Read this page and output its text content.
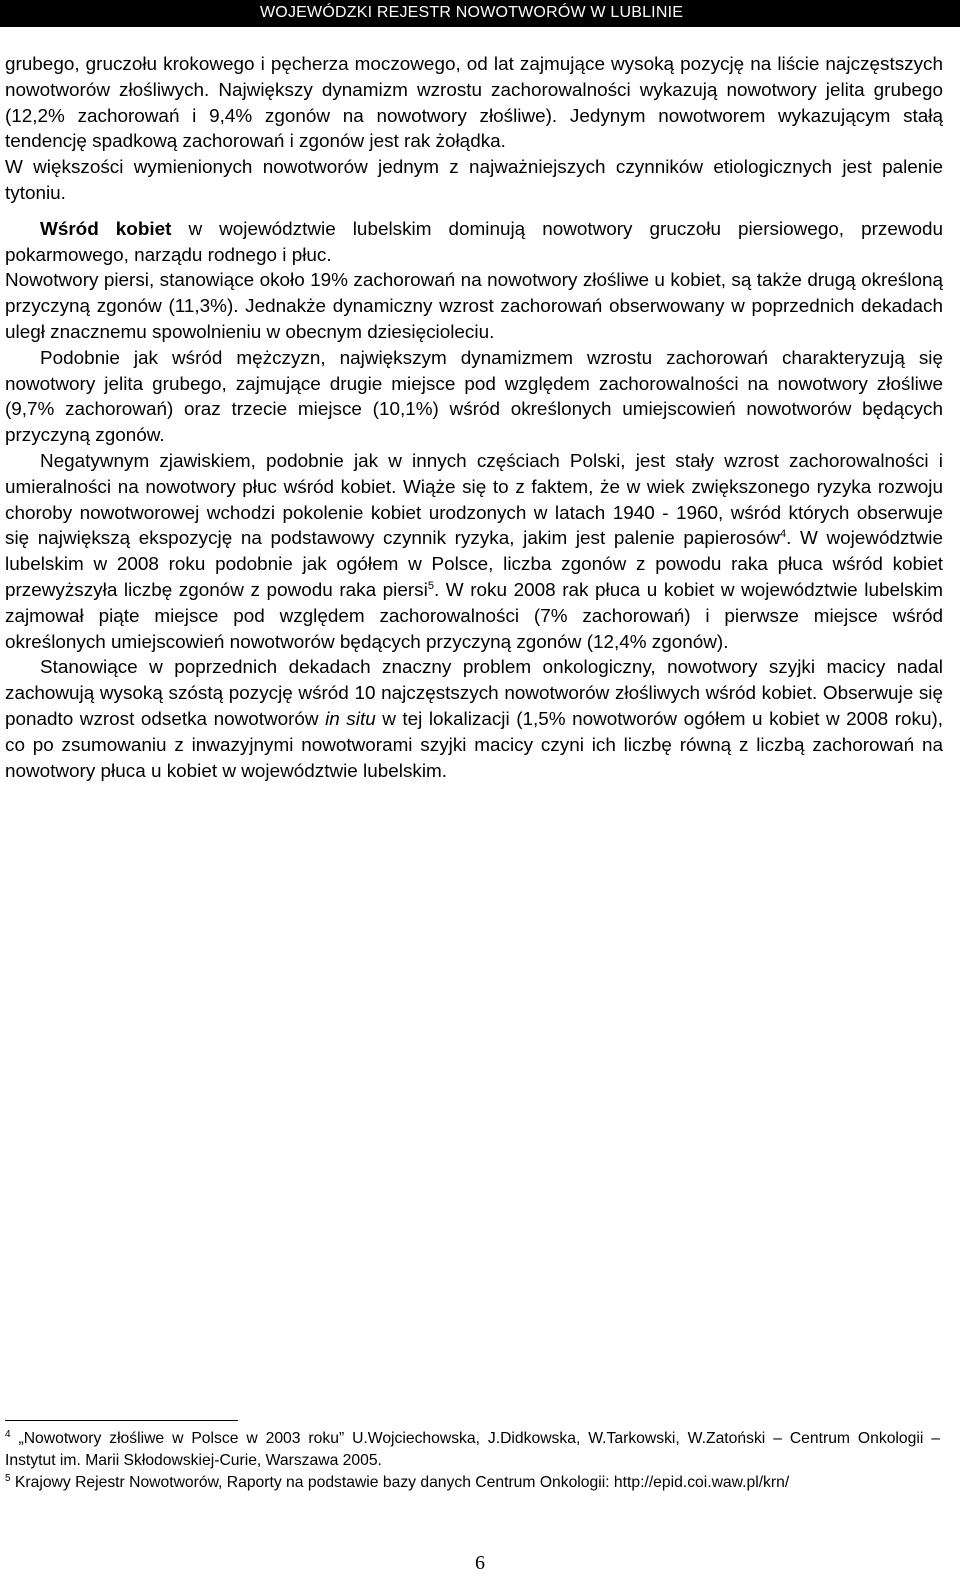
WOJEWÓDZKI REJESTR NOWOTWORÓW W LUBLINIE

grubego, gruczołu krokowego i pęcherza moczowego, od lat zajmujące wysoką pozycję na liście najczęstszych nowotworów złośliwych. Największy dynamizm wzrostu zachorowalności wykazują nowotwory jelita grubego (12,2% zachorowań i 9,4% zgonów na nowotwory złośliwe). Jedynym nowotworem wykazującym stałą tendencję spadkową zachorowań i zgonów jest rak żołądka.

W większości wymienionych nowotworów jednym z najważniejszych czynników etiologicznych jest palenie tytoniu.

Wśród kobiet w województwie lubelskim dominują nowotwory gruczołu piersiowego, przewodu pokarmowego, narządu rodnego i płuc.

Nowotwory piersi, stanowiące około 19% zachorowań na nowotwory złośliwe u kobiet, są także drugą określoną przyczyną zgonów (11,3%). Jednakże dynamiczny wzrost zachorowań obserwowany w poprzednich dekadach uległ znacznemu spowolnieniu w obecnym dziesięcioleciu.

Podobnie jak wśród mężczyzn, największym dynamizmem wzrostu zachorowań charakteryzują się nowotwory jelita grubego, zajmujące drugie miejsce pod względem zachorowalności na nowotwory złośliwe (9,7% zachorowań) oraz trzecie miejsce (10,1%) wśród określonych umiejscowień nowotworów będących przyczyną zgonów.

Negatywnym zjawiskiem, podobnie jak w innych częściach Polski, jest stały wzrost zachorowalności i umieralności na nowotwory płuc wśród kobiet. Wiąże się to z faktem, że w wiek zwiększonego ryzyka rozwoju choroby nowotworowej wchodzi pokolenie kobiet urodzonych w latach 1940 - 1960, wśród których obserwuje się największą ekspozycję na podstawowy czynnik ryzyka, jakim jest palenie papierosów$^4$. W województwie lubelskim w 2008 roku podobnie jak ogółem w Polsce, liczba zgonów z powodu raka płuca wśród kobiet przewyższyła liczbę zgonów z powodu raka piersi$^5$. W roku 2008 rak płuca u kobiet w województwie lubelskim zajmował piąte miejsce pod względem zachorowalności (7% zachorowań) i pierwsze miejsce wśród określonych umiejscowień nowotworów będących przyczyną zgonów (12,4% zgonów).

Stanowiące w poprzednich dekadach znaczny problem onkologiczny, nowotwory szyjki macicy nadal zachowują wysoką szóstą pozycję wśród 10 najczęstszych nowotworów złośliwych wśród kobiet. Obserwuje się ponadto wzrost odsetka nowotworów in situ w tej lokalizacji (1,5% nowotworów ogółem u kobiet w 2008 roku), co po zsumowaniu z inwazyjnymi nowotworami szyjki macicy czyni ich liczbę równą z liczbą zachorowań na nowotwory płuca u kobiet w województwie lubelskim.

$^4$ „Nowotwory złośliwe w Polsce w 2003 roku” U.Wojciechowska, J.Didkowska, W.Tarkowski, W.Zatoński – Centrum Onkologii – Instytut im. Marii Skłodowskiej-Curie, Warszawa 2005.

$^5$ Krajowy Rejestr Nowotworów, Raporty na podstawie bazy danych Centrum Onkologii: http://epid.coi.waw.pl/krn/

6
